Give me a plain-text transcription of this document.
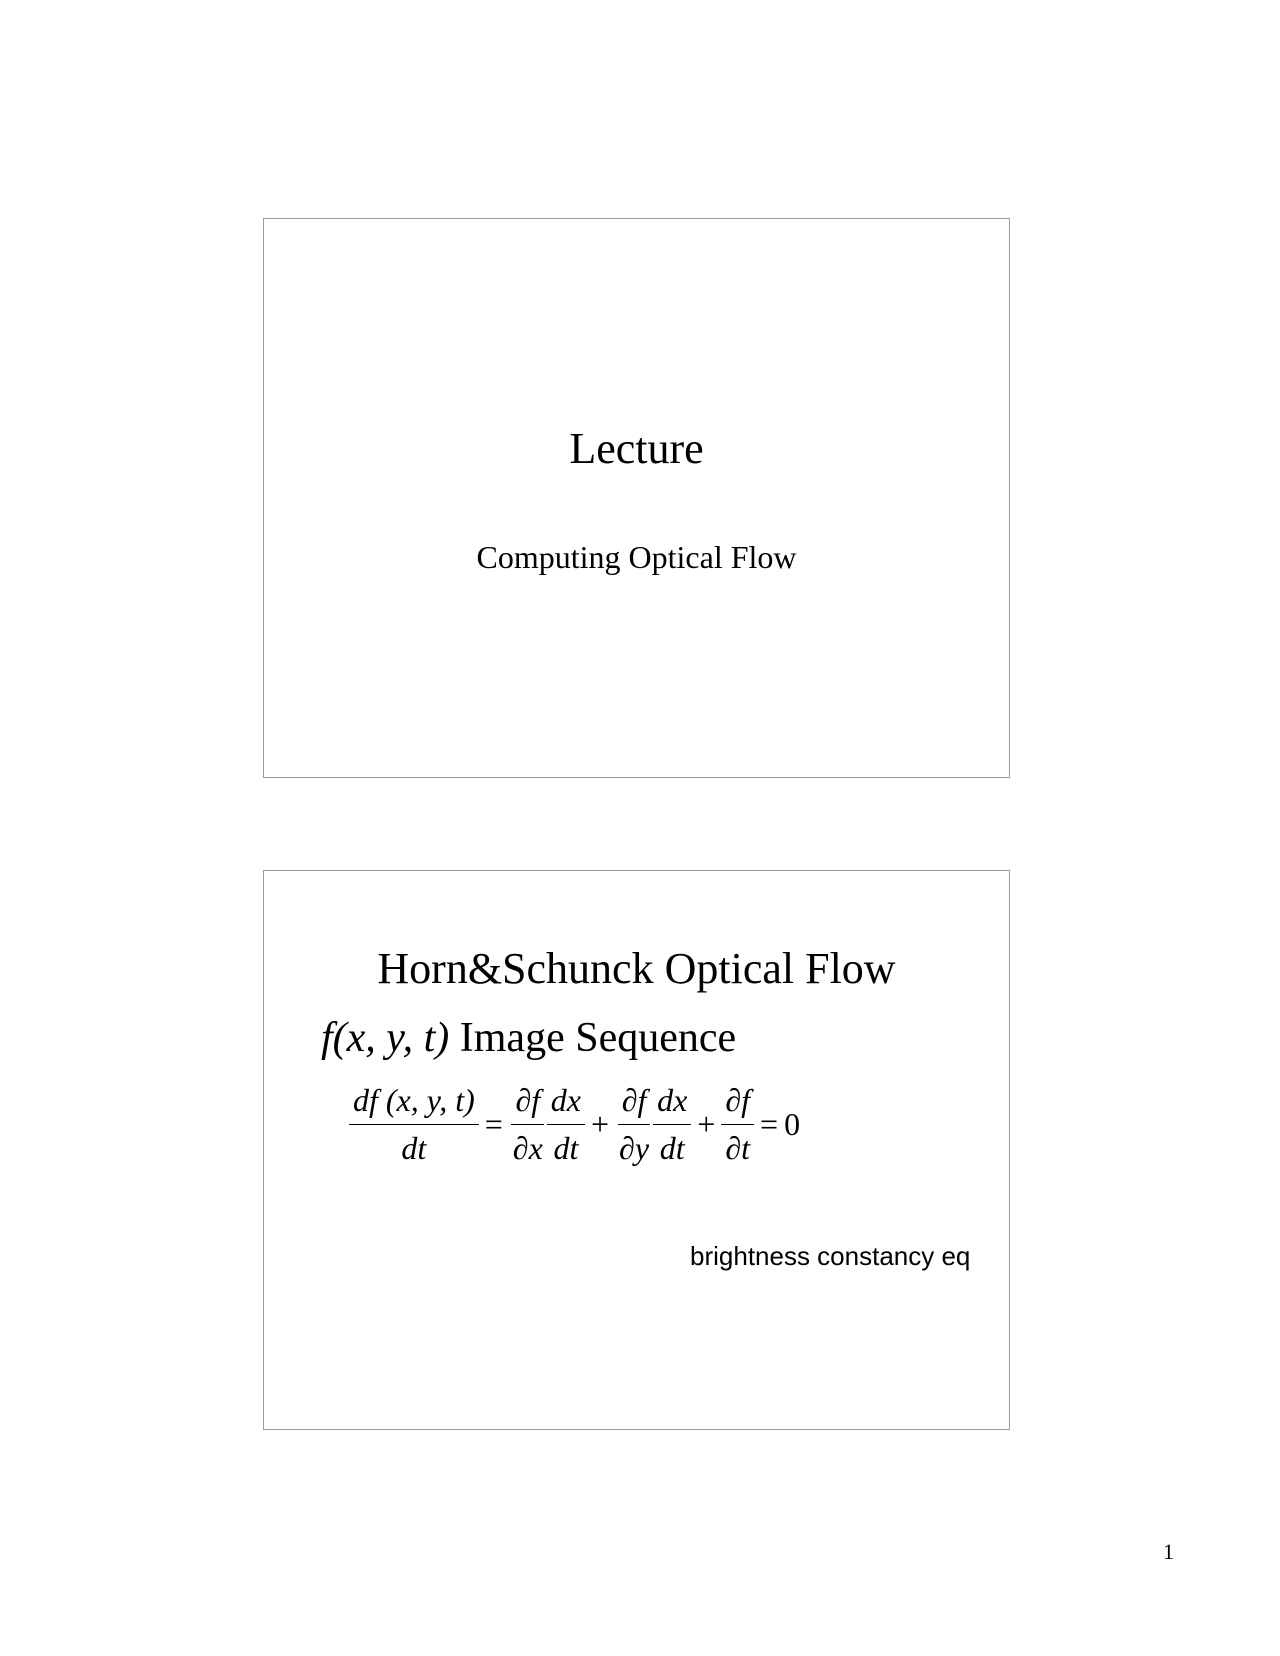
Lecture
Computing Optical Flow
Horn&Schunck Optical Flow
f(x, y, t) Image Sequence
$\frac{df (x, y, t)}{dt} = \frac{\partial f}{\partial x} \frac{dx}{dt} + \frac{\partial f}{\partial y} \frac{dx}{dt} + \frac{\partial f}{\partial t} = 0$
brightness constancy eq
1
